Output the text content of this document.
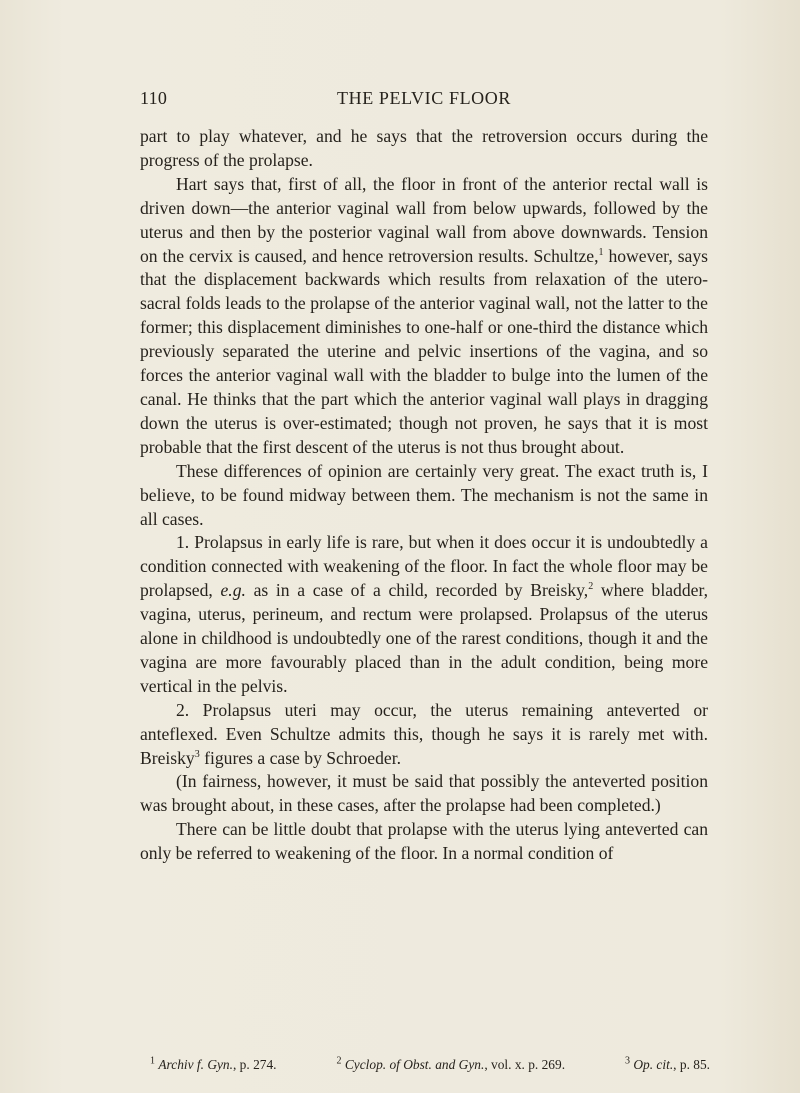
110	THE PELVIC FLOOR

part to play whatever, and he says that the retroversion occurs during the progress of the prolapse.

Hart says that, first of all, the floor in front of the anterior rectal wall is driven down—the anterior vaginal wall from below upwards, followed by the uterus and then by the posterior vaginal wall from above downwards. Tension on the cervix is caused, and hence retroversion results. Schultze,$^1$ however, says that the displacement backwards which results from relaxation of the utero-sacral folds leads to the prolapse of the anterior vaginal wall, not the latter to the former; this displacement diminishes to one-half or one-third the distance which previously separated the uterine and pelvic insertions of the vagina, and so forces the anterior vaginal wall with the bladder to bulge into the lumen of the canal. He thinks that the part which the anterior vaginal wall plays in dragging down the uterus is over-estimated; though not proven, he says that it is most probable that the first descent of the uterus is not thus brought about.

These differences of opinion are certainly very great. The exact truth is, I believe, to be found midway between them. The mechanism is not the same in all cases.

1. Prolapsus in early life is rare, but when it does occur it is undoubtedly a condition connected with weakening of the floor. In fact the whole floor may be prolapsed, e.g. as in a case of a child, recorded by Breisky,$^2$ where bladder, vagina, uterus, perineum, and rectum were prolapsed. Prolapsus of the uterus alone in childhood is undoubtedly one of the rarest conditions, though it and the vagina are more favourably placed than in the adult condition, being more vertical in the pelvis.

2. Prolapsus uteri may occur, the uterus remaining anteverted or anteflexed. Even Schultze admits this, though he says it is rarely met with. Breisky$^3$ figures a case by Schroeder.

(In fairness, however, it must be said that possibly the anteverted position was brought about, in these cases, after the prolapse had been completed.)

There can be little doubt that prolapse with the uterus lying anteverted can only be referred to weakening of the floor. In a normal condition of

$^1$ Archiv f. Gyn., p. 274.	$^2$ Cyclop. of Obst. and Gyn., vol. x. p. 269.	$^3$ Op. cit., p. 85.
